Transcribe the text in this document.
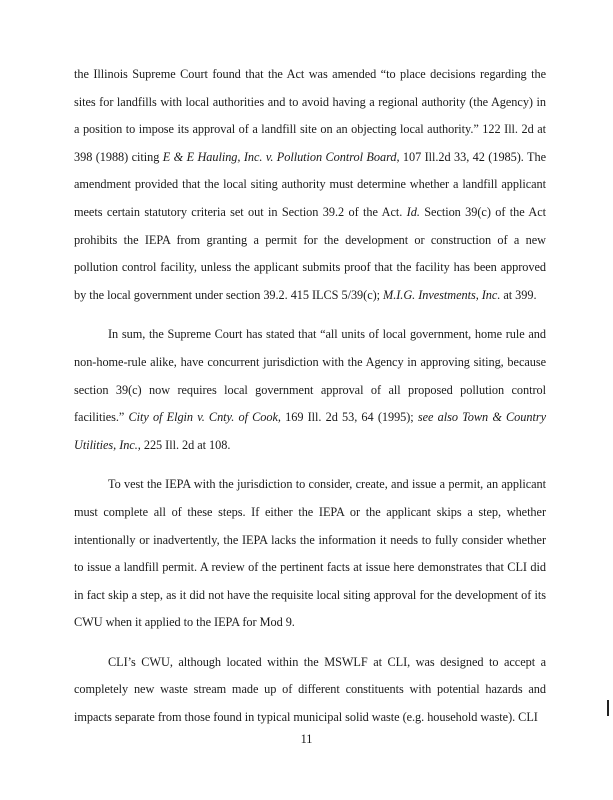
the Illinois Supreme Court found that the Act was amended “to place decisions regarding the sites for landfills with local authorities and to avoid having a regional authority (the Agency) in a position to impose its approval of a landfill site on an objecting local authority.” 122 Ill. 2d at 398 (1988) citing E & E Hauling, Inc. v. Pollution Control Board, 107 Ill.2d 33, 42 (1985). The amendment provided that the local siting authority must determine whether a landfill applicant meets certain statutory criteria set out in Section 39.2 of the Act. Id. Section 39(c) of the Act prohibits the IEPA from granting a permit for the development or construction of a new pollution control facility, unless the applicant submits proof that the facility has been approved by the local government under section 39.2. 415 ILCS 5/39(c); M.I.G. Investments, Inc. at 399.

In sum, the Supreme Court has stated that “all units of local government, home rule and non-home-rule alike, have concurrent jurisdiction with the Agency in approving siting, because section 39(c) now requires local government approval of all proposed pollution control facilities.” City of Elgin v. Cnty. of Cook, 169 Ill. 2d 53, 64 (1995); see also Town & Country Utilities, Inc., 225 Ill. 2d at 108.

To vest the IEPA with the jurisdiction to consider, create, and issue a permit, an applicant must complete all of these steps. If either the IEPA or the applicant skips a step, whether intentionally or inadvertently, the IEPA lacks the information it needs to fully consider whether to issue a landfill permit. A review of the pertinent facts at issue here demonstrates that CLI did in fact skip a step, as it did not have the requisite local siting approval for the development of its CWU when it applied to the IEPA for Mod 9.

CLI’s CWU, although located within the MSWLF at CLI, was designed to accept a completely new waste stream made up of different constituents with potential hazards and impacts separate from those found in typical municipal solid waste (e.g. household waste). CLI

11
